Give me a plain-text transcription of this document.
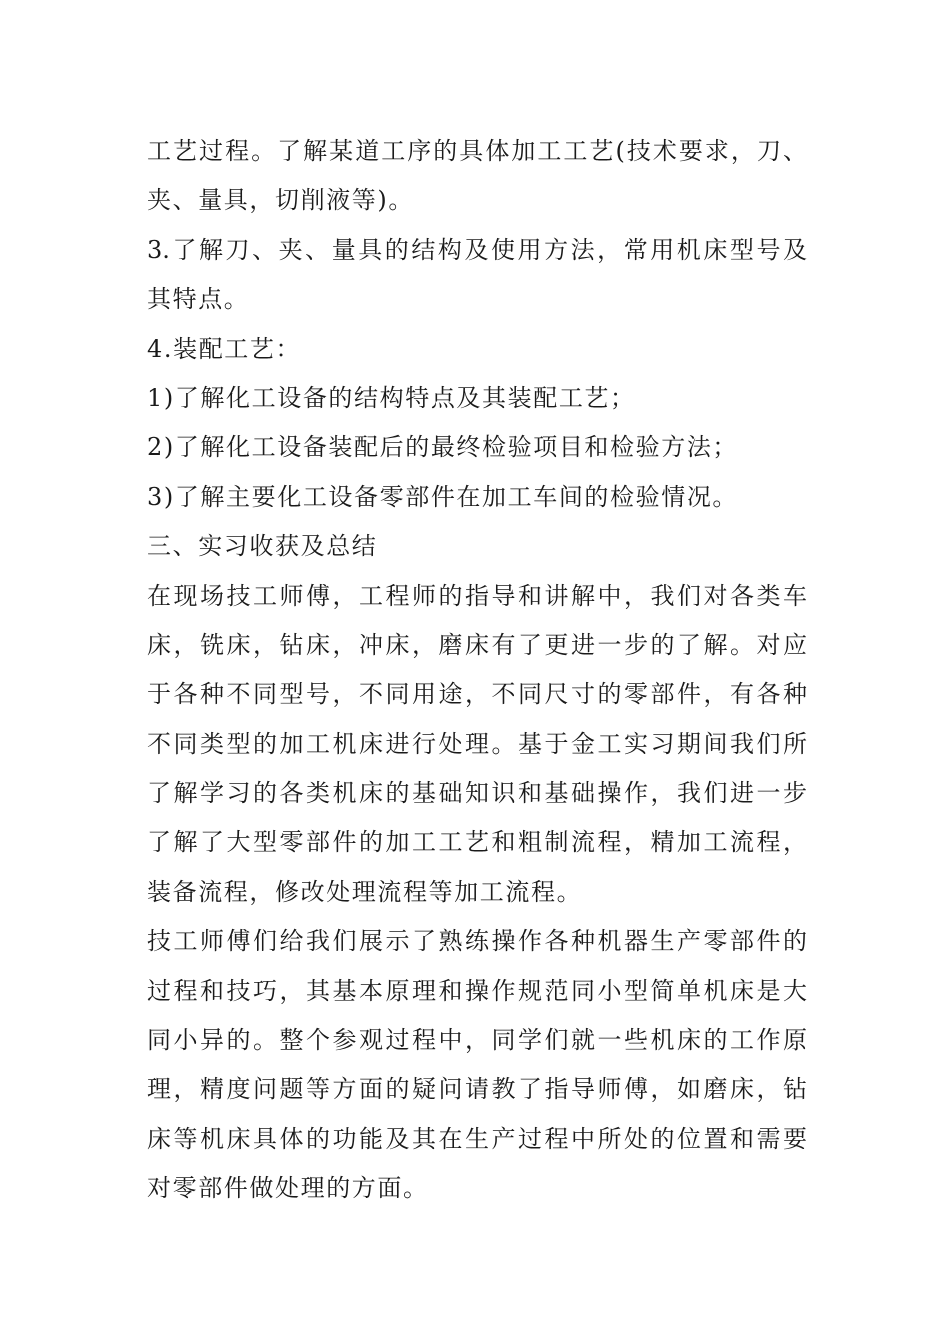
工艺过程。了解某道工序的具体加工工艺(技术要求，刀、
夹、量具，切削液等)。
3.了解刀、夹、量具的结构及使用方法，常用机床型号及
其特点。
4.装配工艺：
1)了解化工设备的结构特点及其装配工艺；
2)了解化工设备装配后的最终检验项目和检验方法；
3)了解主要化工设备零部件在加工车间的检验情况。
三、实习收获及总结
在现场技工师傅，工程师的指导和讲解中，我们对各类车
床，铣床，钻床，冲床，磨床有了更进一步的了解。对应
于各种不同型号，不同用途，不同尺寸的零部件，有各种
不同类型的加工机床进行处理。基于金工实习期间我们所
了解学习的各类机床的基础知识和基础操作，我们进一步
了解了大型零部件的加工工艺和粗制流程，精加工流程，
装备流程，修改处理流程等加工流程。
技工师傅们给我们展示了熟练操作各种机器生产零部件的
过程和技巧，其基本原理和操作规范同小型简单机床是大
同小异的。整个参观过程中，同学们就一些机床的工作原
理，精度问题等方面的疑问请教了指导师傅，如磨床，钻
床等机床具体的功能及其在生产过程中所处的位置和需要
对零部件做处理的方面。
